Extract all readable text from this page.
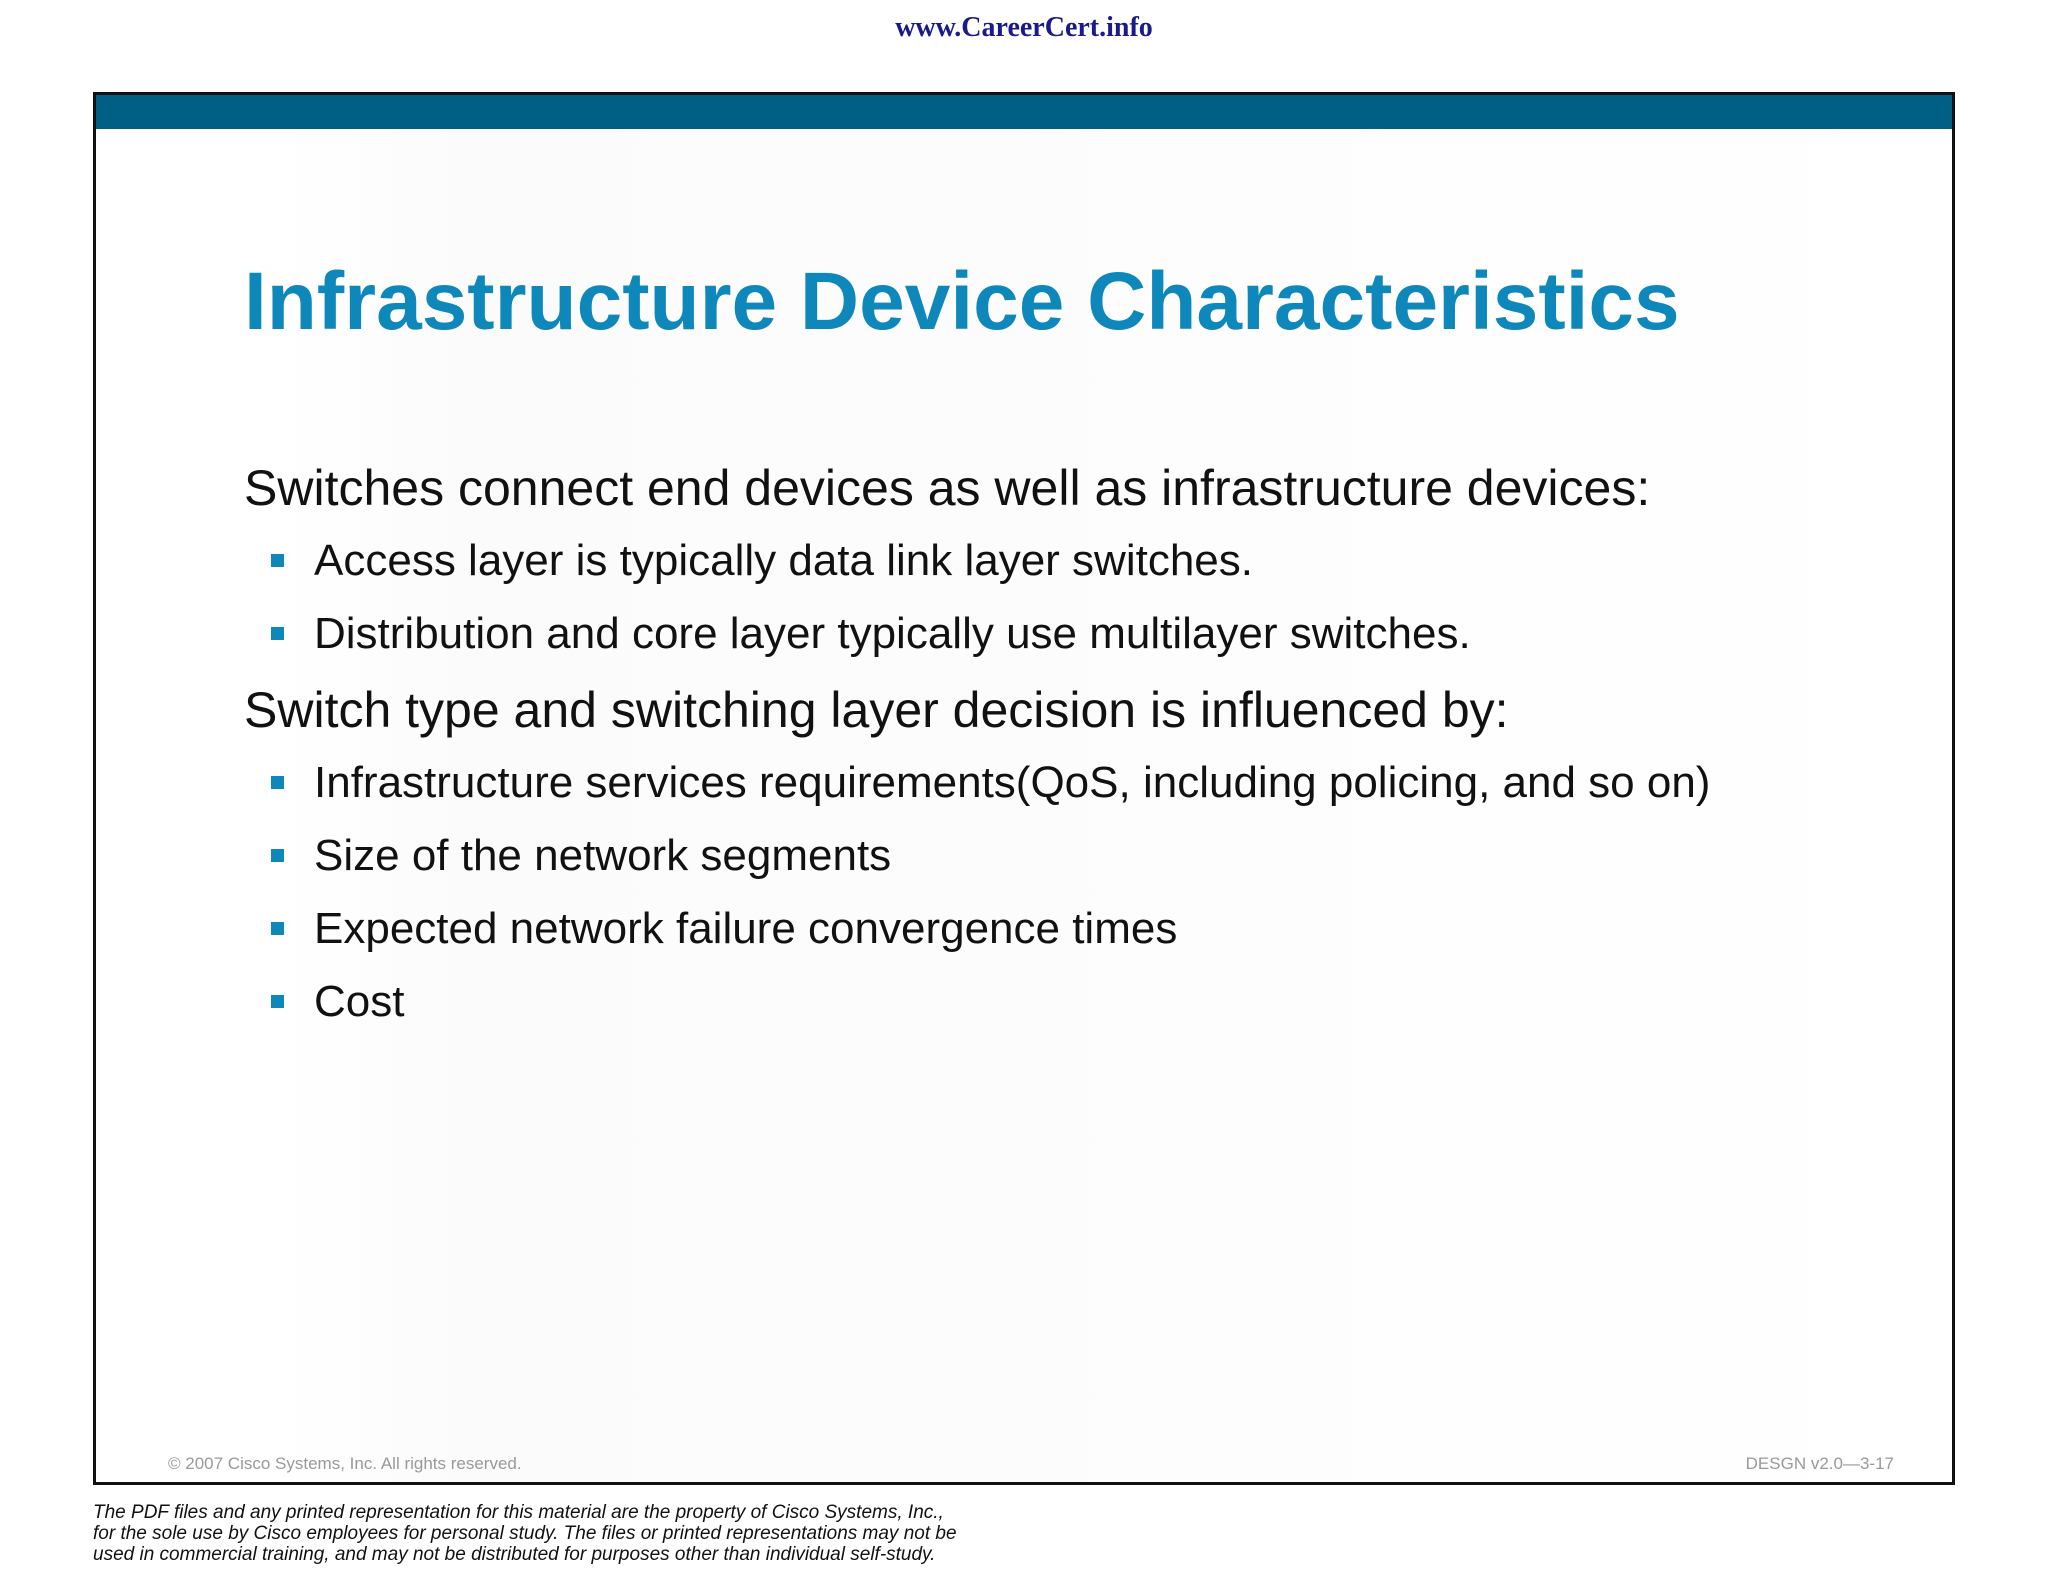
www.CareerCert.info
Infrastructure Device Characteristics

Switches connect end devices as well as infrastructure devices:

Access layer is typically data link layer switches.
Distribution and core layer typically use multilayer switches.

Switch type and switching layer decision is influenced by:

Infrastructure services requirements(QoS, including policing, and so on)
Size of the network segments
Expected network failure convergence times
Cost
© 2007 Cisco Systems, Inc. All rights reserved.	DESGN v2.0—3-17
The PDF files and any printed representation for this material are the property of Cisco Systems, Inc.,
for the sole use by Cisco employees for personal study. The files or printed representations may not be
used in commercial training, and may not be distributed for purposes other than individual self-study.
